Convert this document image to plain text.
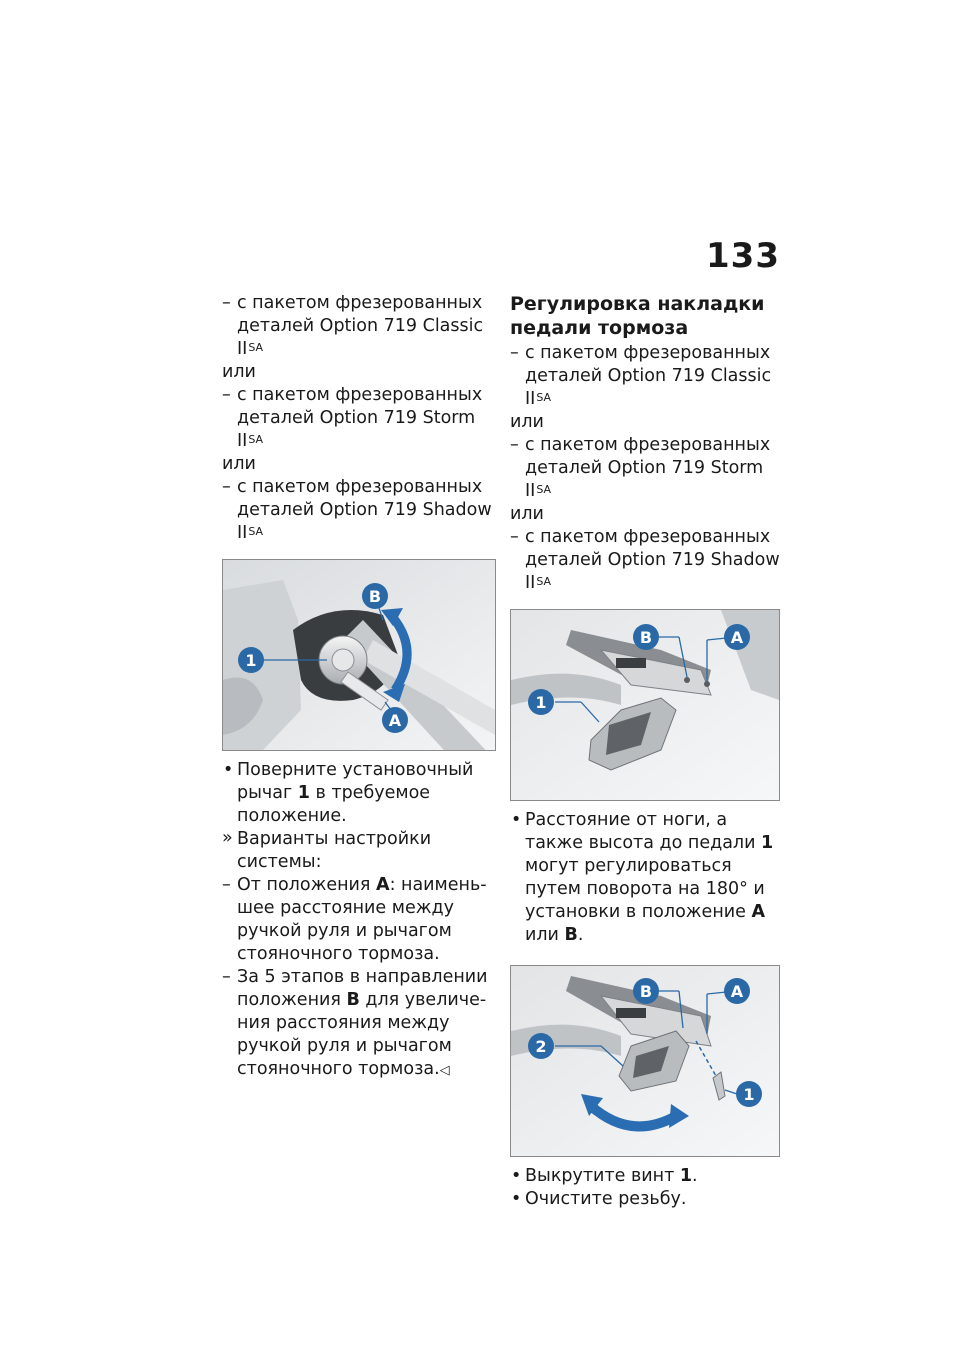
133

– с пакетом фрезерованных деталей Option 719 Classic $II^{SA}$

или

– с пакетом фрезерованных деталей Option 719 Storm $II^{SA}$

или

– с пакетом фрезерованных деталей Option 719 Shadow $II^{SA}$

1
B
A

• Поверните установочный рычаг 1 в требуемое положение.

» Варианты настройки системы:

– От положения A: наименьшее расстояние между ручкой руля и рычагом стояночного тормоза.

– За 5 этапов в направлении положения B для увеличения расстояния между ручкой руля и рычагом стояночного тормоза.◁

Регулировка накладки педали тормоза

– с пакетом фрезерованных деталей Option 719 Classic $II^{SA}$

или

– с пакетом фрезерованных деталей Option 719 Storm $II^{SA}$

или

– с пакетом фрезерованных деталей Option 719 Shadow $II^{SA}$

B	A
1

• Расстояние от ноги, а также высота до педали 1 могут регулироваться путем поворота на 180° и установки в положение A или B.

B	A
2
1

• Выкрутите винт 1.

• Очистите резьбу.
